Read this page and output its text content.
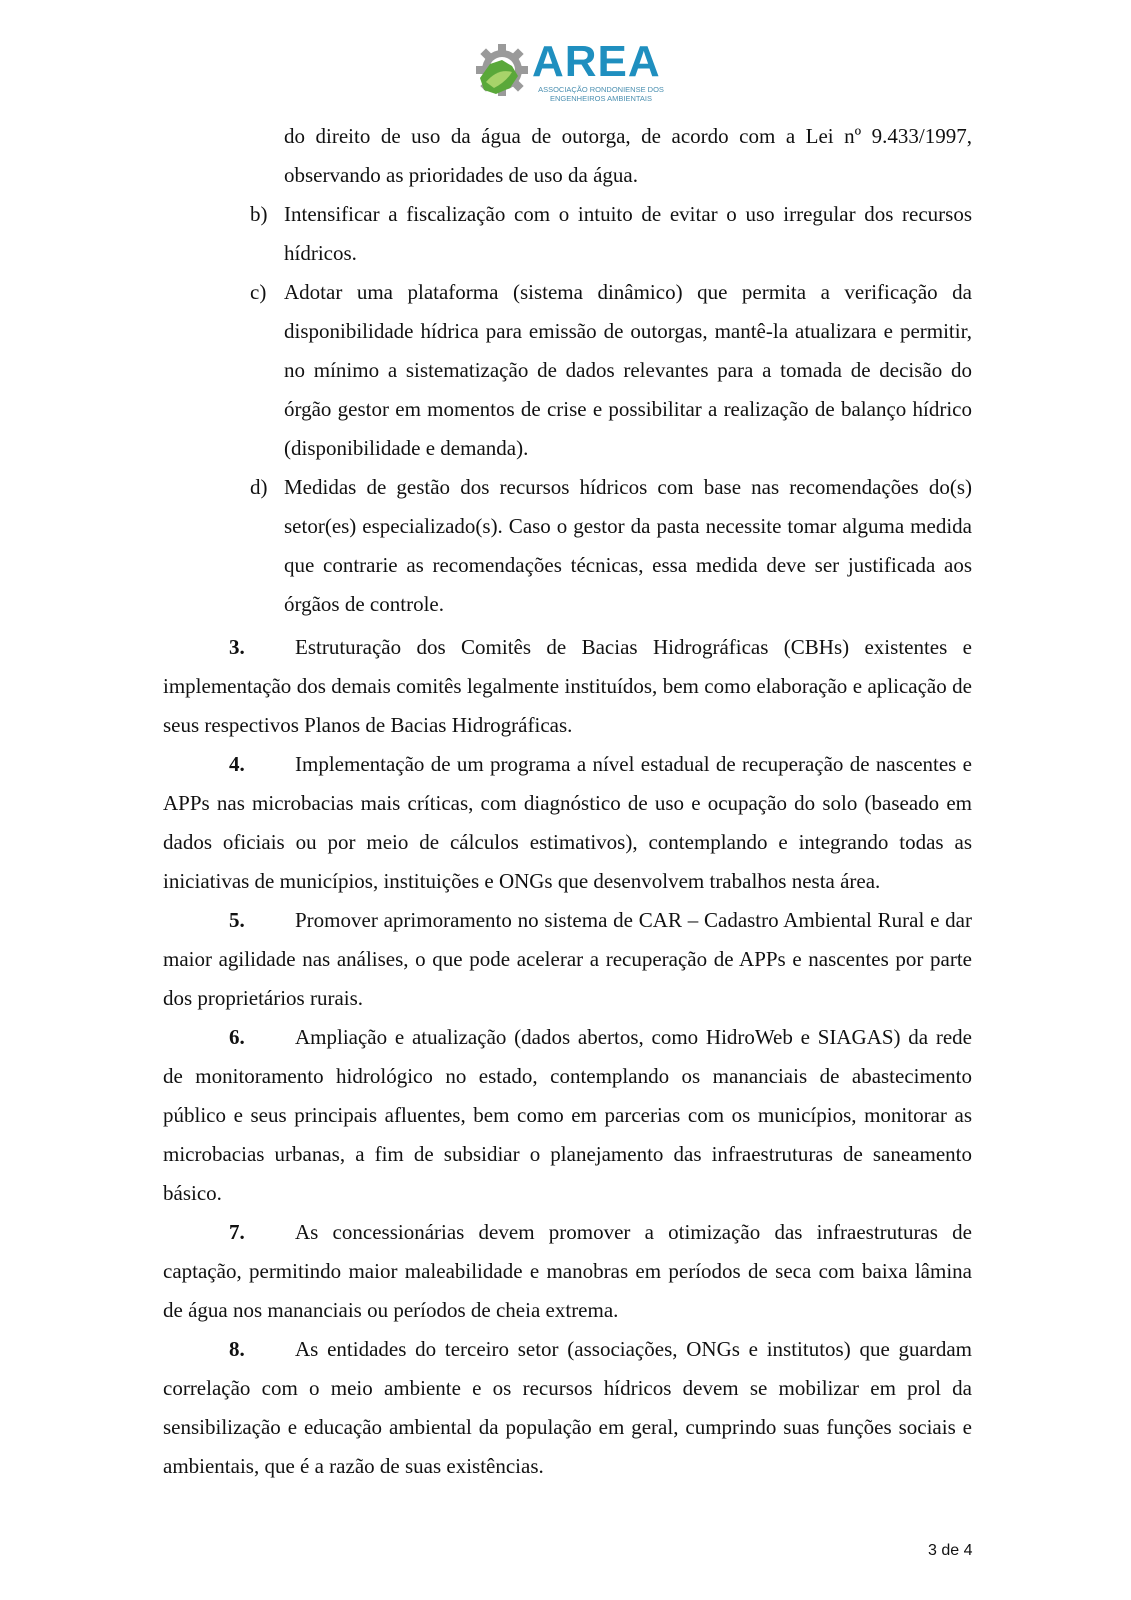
AREA
ASSOCIAÇÃO RONDONIENSE DOS ENGENHEIROS AMBIENTAIS
do direito de uso da água de outorga, de acordo com a Lei nº 9.433/1997, observando as prioridades de uso da água.
b) Intensificar a fiscalização com o intuito de evitar o uso irregular dos recursos hídricos.
c) Adotar uma plataforma (sistema dinâmico) que permita a verificação da disponibilidade hídrica para emissão de outorgas, mantê-la atualizara e permitir, no mínimo a sistematização de dados relevantes para a tomada de decisão do órgão gestor em momentos de crise e possibilitar a realização de balanço hídrico (disponibilidade e demanda).
d) Medidas de gestão dos recursos hídricos com base nas recomendações do(s) setor(es) especializado(s). Caso o gestor da pasta necessite tomar alguma medida que contrarie as recomendações técnicas, essa medida deve ser justificada aos órgãos de controle.

3. Estruturação dos Comitês de Bacias Hidrográficas (CBHs) existentes e implementação dos demais comitês legalmente instituídos, bem como elaboração e aplicação de seus respectivos Planos de Bacias Hidrográficas.

4. Implementação de um programa a nível estadual de recuperação de nascentes e APPs nas microbacias mais críticas, com diagnóstico de uso e ocupação do solo (baseado em dados oficiais ou por meio de cálculos estimativos), contemplando e integrando todas as iniciativas de municípios, instituições e ONGs que desenvolvem trabalhos nesta área.

5. Promover aprimoramento no sistema de CAR – Cadastro Ambiental Rural e dar maior agilidade nas análises, o que pode acelerar a recuperação de APPs e nascentes por parte dos proprietários rurais.

6. Ampliação e atualização (dados abertos, como HidroWeb e SIAGAS) da rede de monitoramento hidrológico no estado, contemplando os mananciais de abastecimento público e seus principais afluentes, bem como em parcerias com os municípios, monitorar as microbacias urbanas, a fim de subsidiar o planejamento das infraestruturas de saneamento básico.

7. As concessionárias devem promover a otimização das infraestruturas de captação, permitindo maior maleabilidade e manobras em períodos de seca com baixa lâmina de água nos mananciais ou períodos de cheia extrema.

8. As entidades do terceiro setor (associações, ONGs e institutos) que guardam correlação com o meio ambiente e os recursos hídricos devem se mobilizar em prol da sensibilização e educação ambiental da população em geral, cumprindo suas funções sociais e ambientais, que é a razão de suas existências.

3 de 4
